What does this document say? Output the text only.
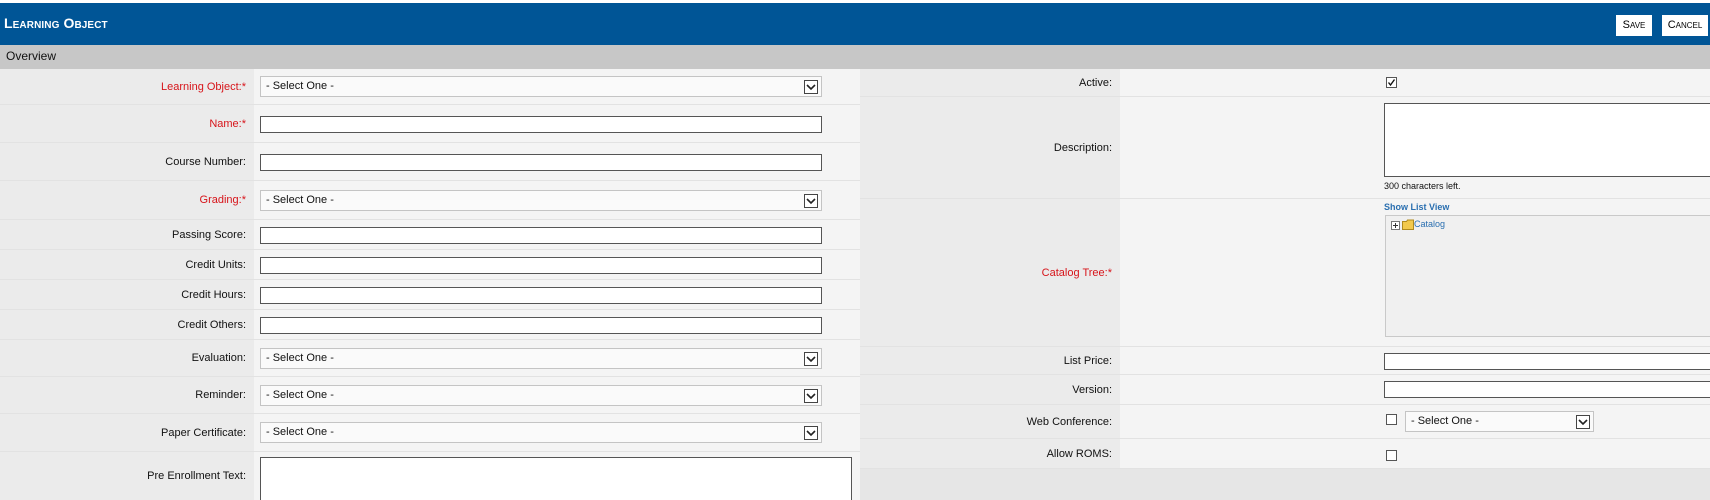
Learning Object	Save	Cancel
Overview
Learning Object:* - Select One -
Name:*
Course Number:
Grading:* - Select One -
Passing Score:
Credit Units:
Credit Hours:
Credit Others:
Evaluation: - Select One -
Reminder: - Select One -
Paper Certificate: - Select One -
Pre Enrollment Text:
Active:
Description:
300 characters left.
Catalog Tree:*
Show List View
Catalog
List Price:
Version:
Web Conference:	- Select One -
Allow ROMS:
